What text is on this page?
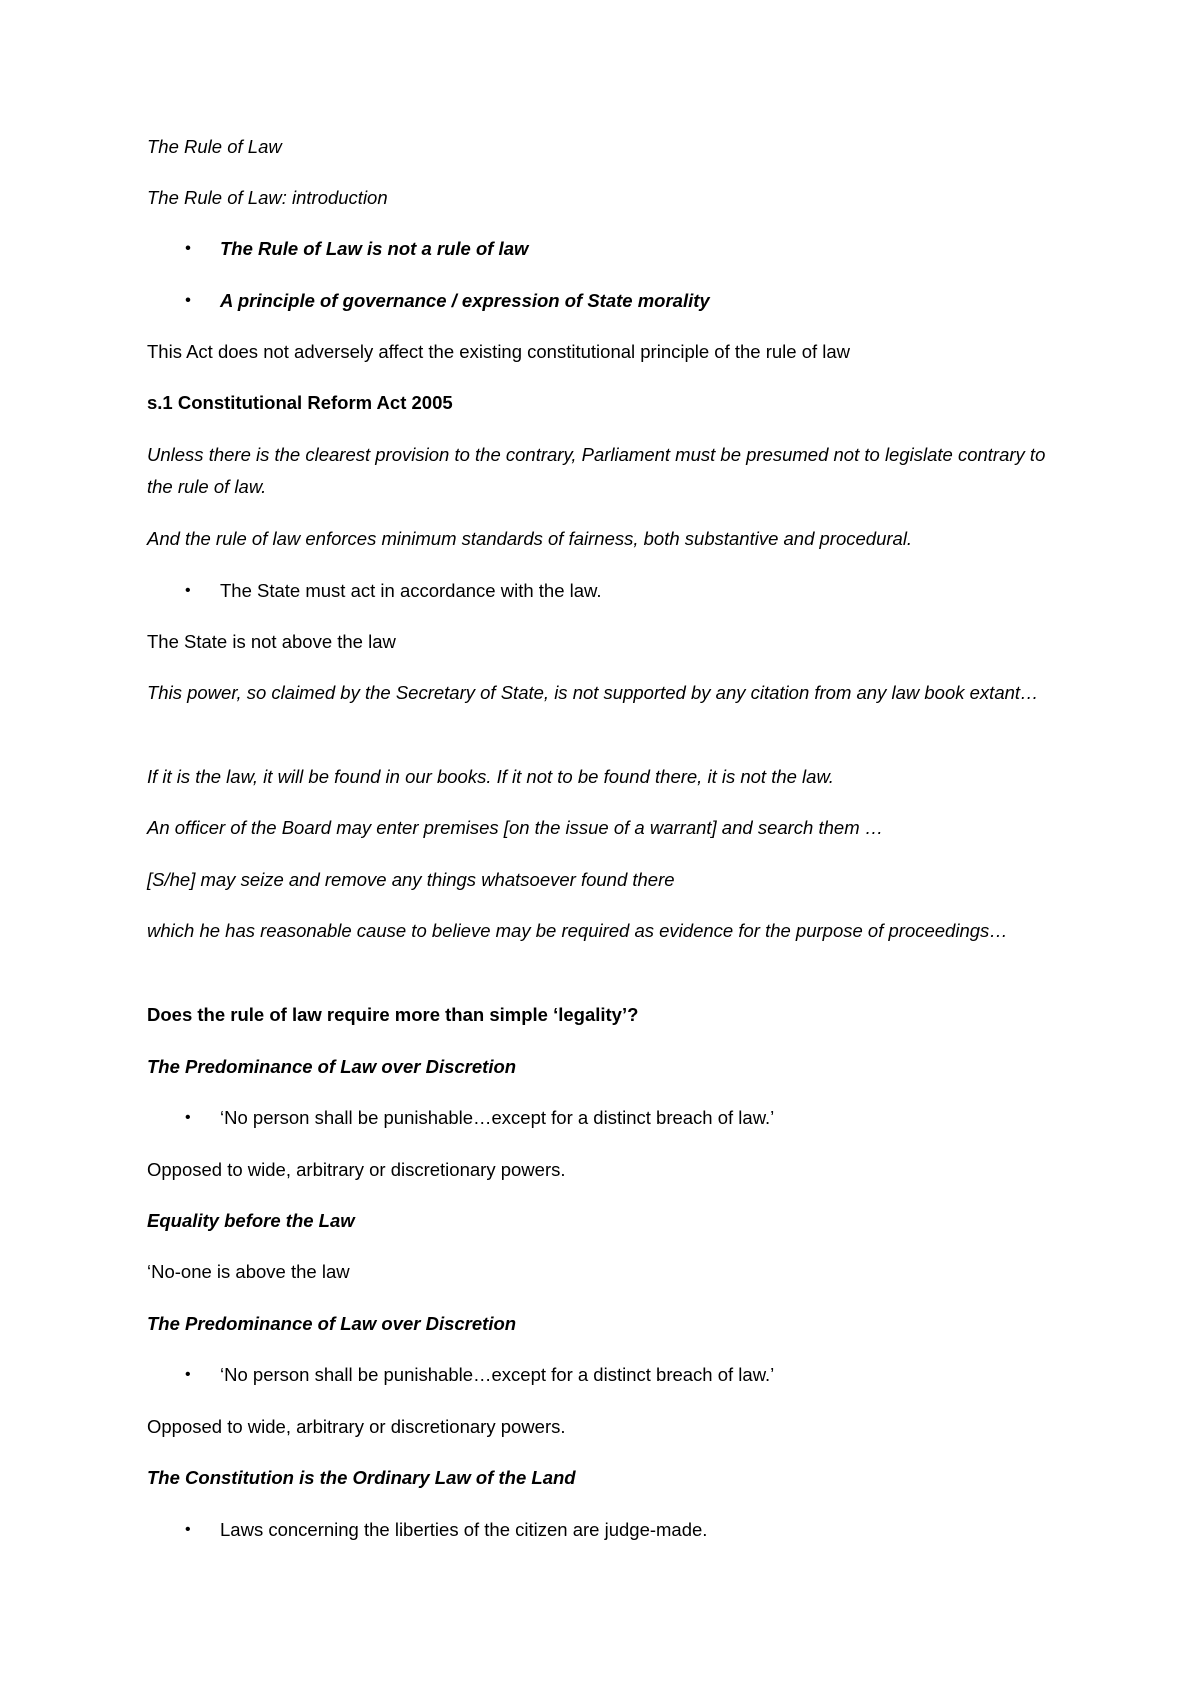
The Rule of Law

The Rule of Law: introduction

• The Rule of Law is not a rule of law
• A principle of governance / expression of State morality

This Act does not adversely affect the existing constitutional principle of the rule of law

s.1 Constitutional Reform Act 2005

Unless there is the clearest provision to the contrary, Parliament must be presumed not to legislate contrary to the rule of law.

And the rule of law enforces minimum standards of fairness, both substantive and procedural.

• The State must act in accordance with the law.

The State is not above the law

This power, so claimed by the Secretary of State, is not supported by any citation from any law book extant…

If it is the law, it will be found in our books. If it not to be found there, it is not the law.

An officer of the Board may enter premises [on the issue of a warrant] and search them …

[S/he] may seize and remove any things whatsoever found there

which he has reasonable cause to believe may be required as evidence for the purpose of proceedings…

Does the rule of law require more than simple ‘legality’?

The Predominance of Law over Discretion

• ‘No person shall be punishable…except for a distinct breach of law.’

Opposed to wide, arbitrary or discretionary powers.

Equality before the Law

‘No-one is above the law

The Predominance of Law over Discretion

• ‘No person shall be punishable…except for a distinct breach of law.’

Opposed to wide, arbitrary or discretionary powers.

The Constitution is the Ordinary Law of the Land

• Laws concerning the liberties of the citizen are judge-made.
